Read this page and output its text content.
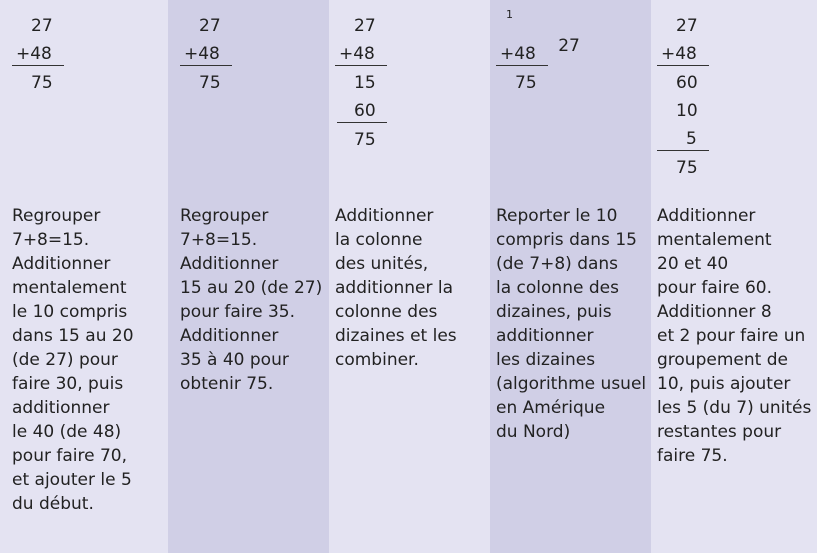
27
+48
75
Regrouper
7+8=15.
Additionner
mentalement
le 10 compris
dans 15 au 20
(de 27) pour
faire 30, puis
additionner
le 40 (de 48)
pour faire 70,
et ajouter le 5
du début.
27
+48
75
Regrouper
7+8=15.
Additionner
15 au 20 (de 27)
pour faire 35.
Additionner
35 à 40 pour
obtenir 75.
27
+48
15
60
75
Additionner
la colonne
des unités,
additionner la
colonne des
dizaines et les
combiner.

1
27

+48
75
Reporter le 10
compris dans 15
(de 7+8) dans
la colonne des
dizaines, puis
additionner
les dizaines
(algorithme usuel
en Amérique
du Nord)
27
+48
60
10
5
75
Additionner
mentalement
20 et 40
pour faire 60.
Additionner 8
et 2 pour faire un
groupement de
10, puis ajouter
les 5 (du 7) unités
restantes pour
faire 75.
